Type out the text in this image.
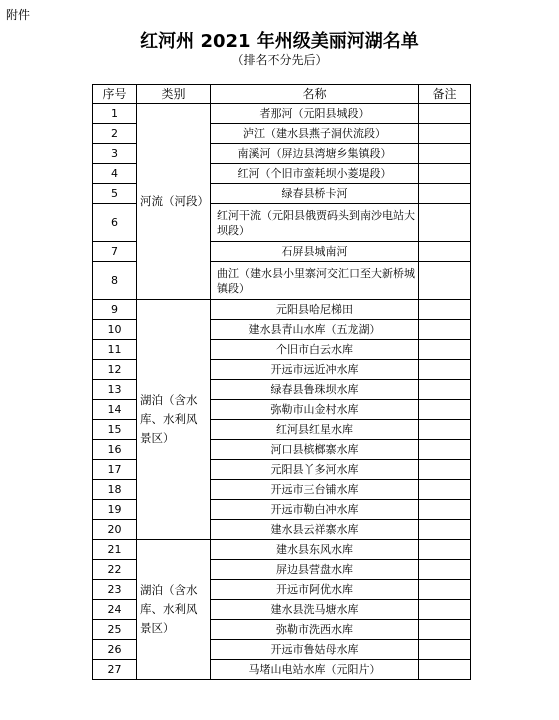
附件
红河州 2021 年州级美丽河湖名单
（排名不分先后）
序号	类别	名称	备注
1	河流（河段）	者那河（元阳县城段）	
2		泸江（建水县燕子洞伏流段）	
3		南溪河（屏边县湾塘乡集镇段）	
4		红河（个旧市蛮耗坝小菱堤段）	
5		绿春县桥卡河	
6		红河干流（元阳县俄贾码头到南沙电站大坝段）	
7		石屏县城南河	
8		曲江（建水县小里寨河交汇口至大新桥城镇段）	
9	湖泊（含水库、水利风景区）	元阳县哈尼梯田	
10		建水县青山水库（五龙湖）	
11		个旧市白云水库	
12		开远市远近冲水库	
13		绿春县鲁珠坝水库	
14		弥勒市山金村水库	
15		红河县红星水库	
16		河口县槟榔寨水库	
17		元阳县丫多河水库	
18		开远市三台铺水库	
19		开远市勒白冲水库	
20		建水县云祥寨水库	
21	湖泊（含水库、水利风景区）	建水县东风水库	
22		屏边县营盘水库	
23		开远市阿优水库	
24		建水县洗马塘水库	
25		弥勒市洗西水库	
26		开远市鲁姑母水库	
27		马堵山电站水库（元阳片）	
